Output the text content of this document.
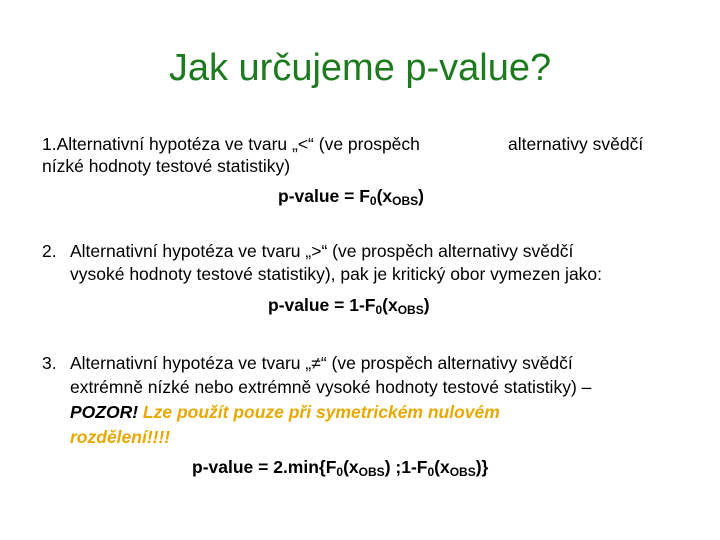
Jak určujeme p-value?
1.Alternativní hypotéza ve tvaru „<“ (ve prospěch	alternativy svědčí
nízké hodnoty testové statistiky)
p-value = $F_0(x_{OBS})$
2. Alternativní hypotéza ve tvaru „>“ (ve prospěch alternativy svědčí
vysoké hodnoty testové statistiky), pak je kritický obor vymezen jako:
p-value = $1-F_0(x_{OBS})$
3. Alternativní hypotéza ve tvaru „≠“ (ve prospěch alternativy svědčí
extrémně nízké nebo extrémně vysoké hodnoty testové statistiky) –
POZOR! Lze použít pouze při symetrickém nulovém
rozdělení!!!!
p-value = $2.\min\{F_0(x_{OBS})$ $;1-F_0(x_{OBS})$}
